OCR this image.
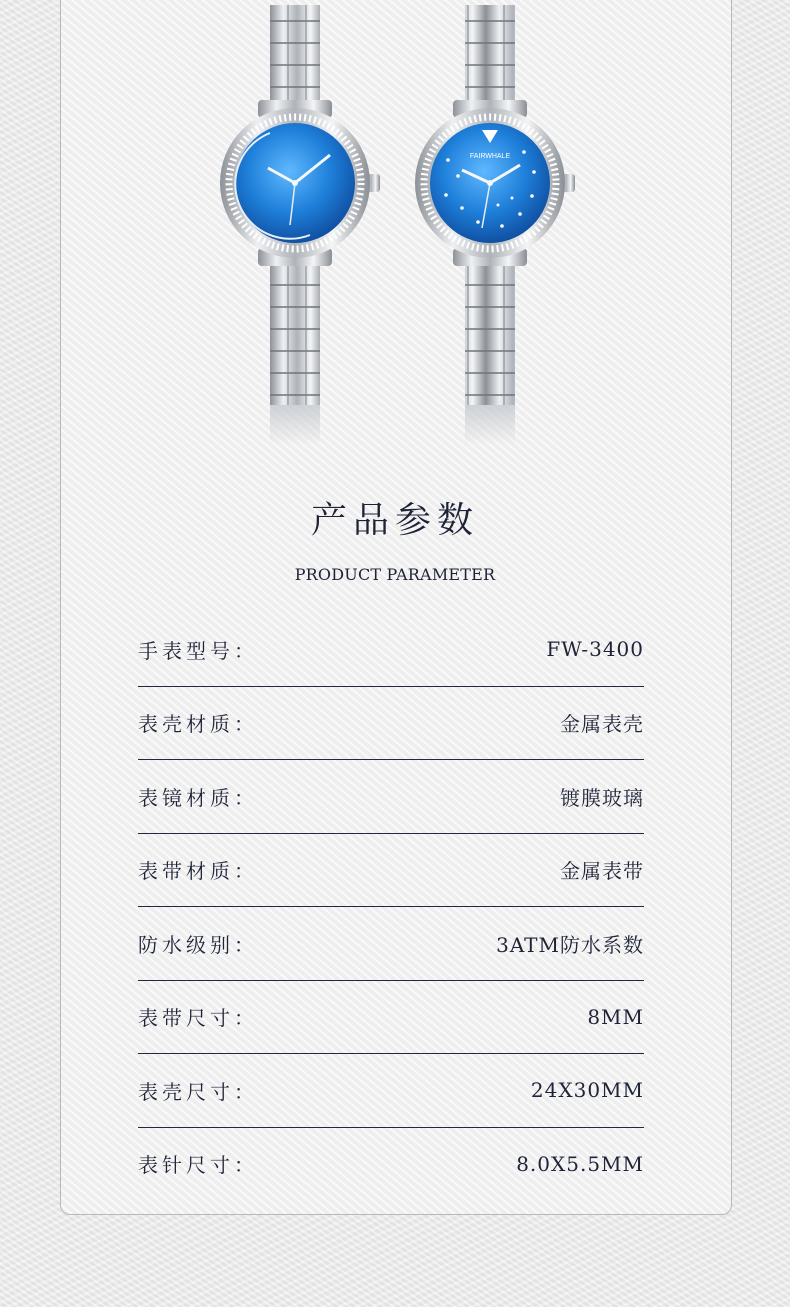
FAIRWHALE
产品参数
PRODUCT PARAMETER
手表型号：	FW-3400
表壳材质：	金属表壳
表镜材质：	镀膜玻璃
表带材质：	金属表带
防水级别：	3ATM防水系数
表带尺寸：	8MM
表壳尺寸：	24X30MM
表针尺寸：	8.0X5.5MM
